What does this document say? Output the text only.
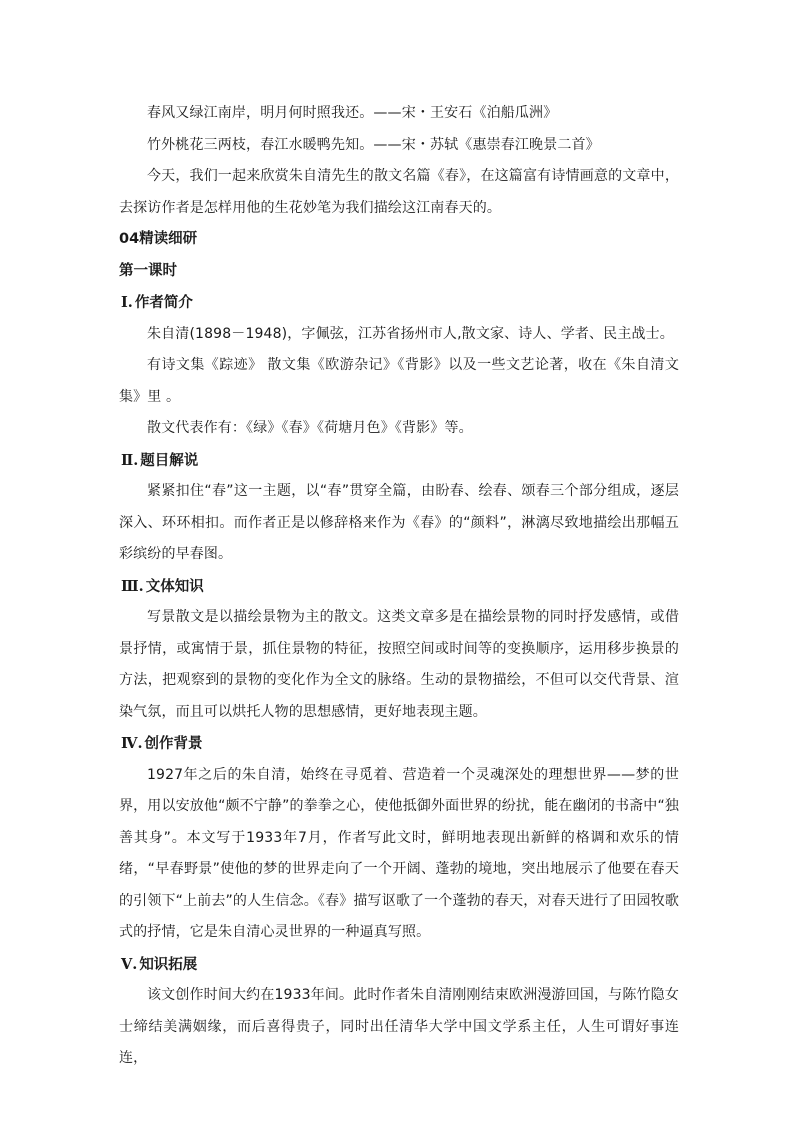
春风又绿江南岸，明月何时照我还。——宋・王安石《泊船瓜洲》

竹外桃花三两枝，春江水暖鸭先知。——宋・苏轼《惠崇春江晚景二首》

今天，我们一起来欣赏朱自清先生的散文名篇《春》，在这篇富有诗情画意的文章中，去探访作者是怎样用他的生花妙笔为我们描绘这江南春天的。

04精读细研

第一课时

Ⅰ. 作者简介

朱自清(1898－1948)，字佩弦，江苏省扬州市人,散文家、诗人、学者、民主战士。

有诗文集《踪迹》 散文集《欧游杂记》《背影》以及一些文艺论著，收在《朱自清文集》里 。

散文代表作有：《绿》《春》《荷塘月色》《背影》等。

Ⅱ. 题目解说

紧紧扣住“春”这一主题，以“春”贯穿全篇，由盼春、绘春、颂春三个部分组成，逐层深入、环环相扣。而作者正是以修辞格来作为《春》的“颜料”，淋漓尽致地描绘出那幅五彩缤纷的早春图。

Ⅲ. 文体知识

写景散文是以描绘景物为主的散文。这类文章多是在描绘景物的同时抒发感情，或借景抒情，或寓情于景，抓住景物的特征，按照空间或时间等的变换顺序，运用移步换景的方法，把观察到的景物的变化作为全文的脉络。生动的景物描绘，不但可以交代背景、渲染气氛，而且可以烘托人物的思想感情，更好地表现主题。

Ⅳ. 创作背景

1927年之后的朱自清，始终在寻觅着、营造着一个灵魂深处的理想世界——梦的世界，用以安放他“颇不宁静”的拳拳之心，使他抵御外面世界的纷扰，能在幽闭的书斋中“独善其身”。本文写于1933年7月，作者写此文时，鲜明地表现出新鲜的格调和欢乐的情绪，“早春野景”使他的梦的世界走向了一个开阔、蓬勃的境地，突出地展示了他要在春天的引领下“上前去”的人生信念。《春》描写讴歌了一个蓬勃的春天，对春天进行了田园牧歌式的抒情，它是朱自清心灵世界的一种逼真写照。

Ⅴ. 知识拓展

该文创作时间大约在1933年间。此时作者朱自清刚刚结束欧洲漫游回国，与陈竹隐女士缔结美满姻缘，而后喜得贵子，同时出任清华大学中国文学系主任，人生可谓好事连连，
